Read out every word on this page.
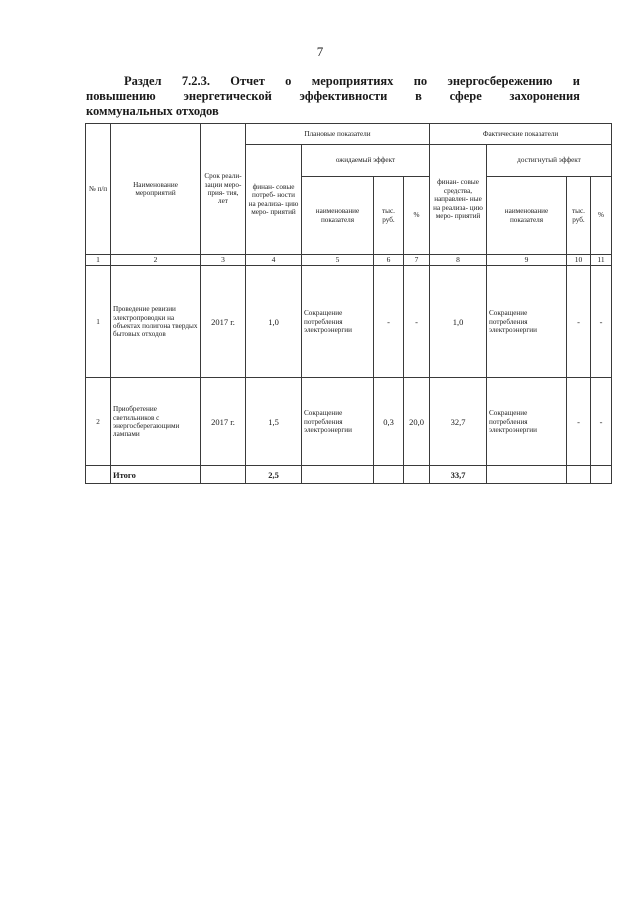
7
Раздел 7.2.3. Отчет о мероприятиях по энергосбережению и
повышению энергетической эффективности в сфере захоронения
коммунальных отходов
№ п/п	Наименование мероприятий	Срок реали- зации меро- прия- тия, лет	Плановые показатели				Фактические показатели			
			финан- совые потреб- ности на реализа- цию меро- приятий	ожидаемый эффект			финан- совые средства, направлен- ные на реализа- цию меро- приятий	достигнутый эффект		
				наименование показателя	тыс. руб.	%		наименование показателя	тыс. руб.	%
1	2	3	4	5	6	7	8	9	10	11
1	Проведение ревизии электропроводки на объектах полигона твердых бытовых отходов	2017 г.	1,0	Сокращение потребления электроэнергии	-	-	1,0	Сокращение потребления электроэнергии	-	-
2	Приобретение светильников с энергосберегающими лампами	2017 г.	1,5	Сокращение потребления электроэнергии	0,3	20,0	32,7	Сокращение потребления электроэнергии	-	-
	Итого		2,5				33,7			
